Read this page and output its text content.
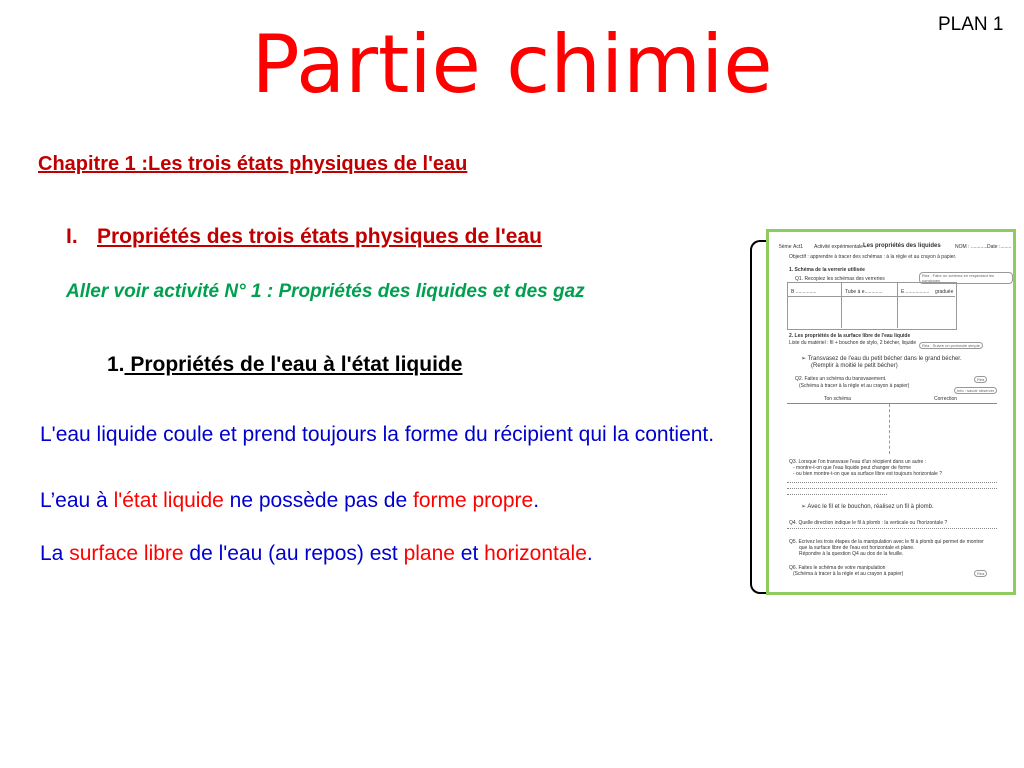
PLAN 1
Partie chimie
Chapitre 1 :Les trois états physiques de l'eau
I. Propriétés des trois états physiques de l'eau
Aller voir activité N° 1 : Propriétés des liquides et des gaz
1. Propriétés de l'eau à l'état liquide
L'eau liquide coule et prend toujours la forme du récipient qui la contient.
L’eau à l'état liquide ne possède pas de forme propre.
La surface libre de l'eau (au repos) est plane et horizontale.
5ème Act1 Activité expérimentale :
Les propriétés des liquides	NOM : ............ Date :........
Objectif : apprendre à tracer des schémas : à la règle et au crayon à papier.
1. Schéma de la verrerie utilisée
Q1. Recopiez les schémas des verreries
Réa : Faire un schéma en respectant les consignes
B ...............	Tube à e.............	E ................. graduée
2. Les propriétés de la surface libre de l'eau liquide
Liste du matériel : fil + bouchon de stylo, 2 bécher, liquide	Réa : Suivre un protocole simple
➢ Transvasez de l'eau du petit bécher dans le grand bécher.
(Remplir à moitié le petit bécher)
Q2. Faites un schéma du transvasement.
(Schéma à tracer à la règle et au crayon à papier)
Réa
Info : savoir observer
Ton schéma	Correction
Q3. Lorsque l'on transvase l'eau d'un récipient dans un autre :
- montre-t-on que l'eau liquide peut changer de forme
- ou bien montre-t-on que sa surface libre est toujours horizontale ?
➢ Avec le fil et le bouchon, réalisez un fil à plomb.
Q4. Quelle direction indique le fil à plomb : la verticale ou l'horizontale ?
Q5. Ecrivez les trois étapes de la manipulation avec le fil à plomb qui permet de montrer
que la surface libre de l'eau est horizontale et plane.
Répondre à la question Q4 au dos de la feuille.
Q6. Faites le schéma de votre manipulation
(Schéma à tracer à la règle et au crayon à papier)	Réa
